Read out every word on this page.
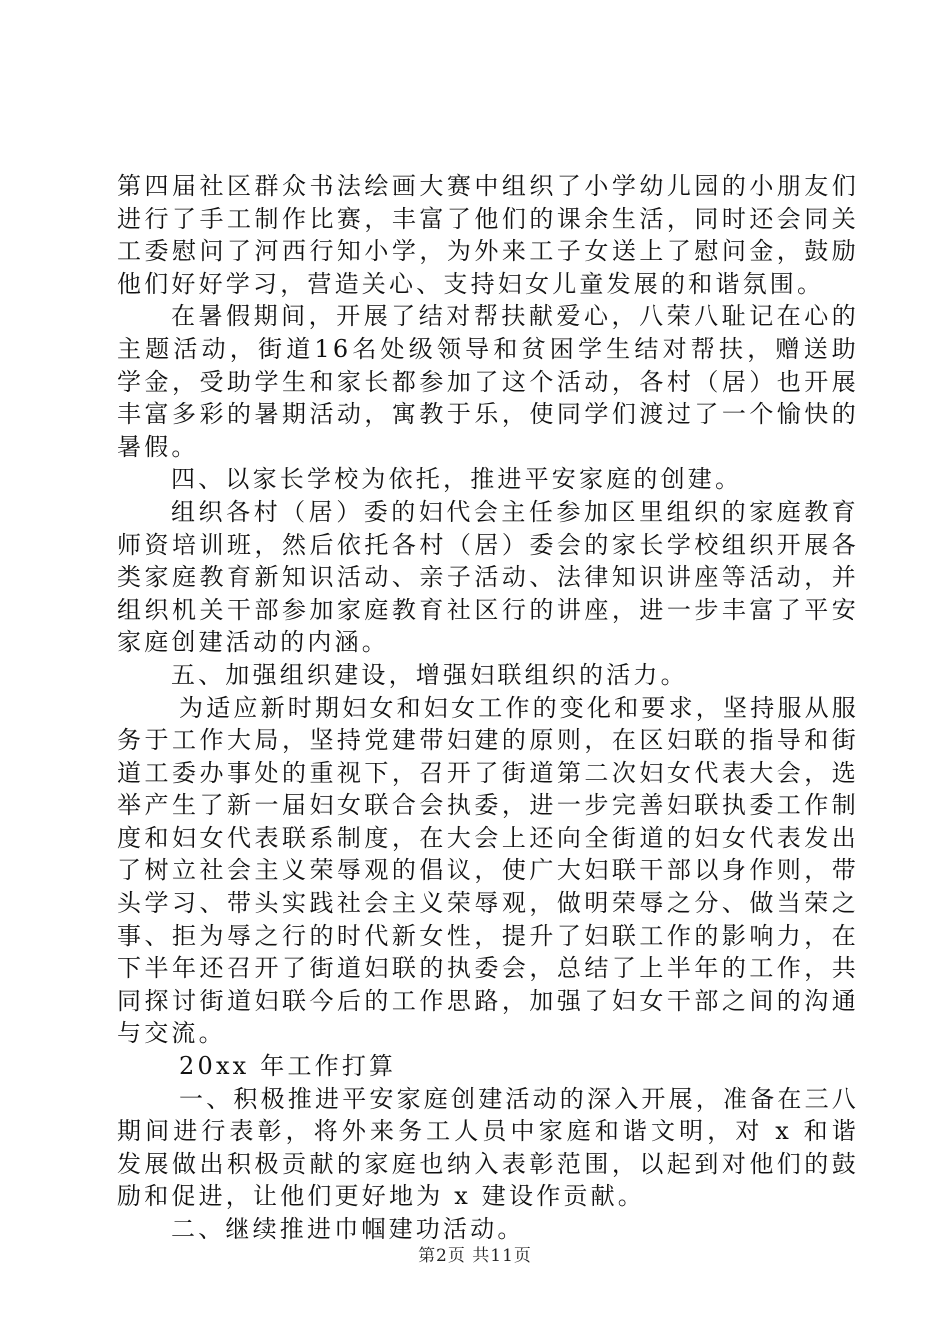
第四届社区群众书法绘画大赛中组织了小学幼儿园的小朋友们进行了手工制作比赛，丰富了他们的课余生活，同时还会同关工委慰问了河西行知小学，为外来工子女送上了慰问金，鼓励他们好好学习，营造关心、支持妇女儿童发展的和谐氛围。

在暑假期间，开展了结对帮扶献爱心，八荣八耻记在心的主题活动，街道16名处级领导和贫困学生结对帮扶，赠送助学金，受助学生和家长都参加了这个活动，各村（居）也开展丰富多彩的暑期活动，寓教于乐，使同学们渡过了一个愉快的暑假。

四、以家长学校为依托，推进平安家庭的创建。

组织各村（居）委的妇代会主任参加区里组织的家庭教育师资培训班，然后依托各村（居）委会的家长学校组织开展各类家庭教育新知识活动、亲子活动、法律知识讲座等活动，并组织机关干部参加家庭教育社区行的讲座，进一步丰富了平安家庭创建活动的内涵。

五、加强组织建设，增强妇联组织的活力。

为适应新时期妇女和妇女工作的变化和要求，坚持服从服务于工作大局，坚持党建带妇建的原则，在区妇联的指导和街道工委办事处的重视下，召开了街道第二次妇女代表大会，选举产生了新一届妇女联合会执委，进一步完善妇联执委工作制度和妇女代表联系制度，在大会上还向全街道的妇女代表发出了树立社会主义荣辱观的倡议，使广大妇联干部以身作则，带头学习、带头实践社会主义荣辱观，做明荣辱之分、做当荣之事、拒为辱之行的时代新女性，提升了妇联工作的影响力，在下半年还召开了街道妇联的执委会，总结了上半年的工作，共同探讨街道妇联今后的工作思路，加强了妇女干部之间的沟通与交流。

20xx 年工作打算

一、积极推进平安家庭创建活动的深入开展，准备在三八期间进行表彰，将外来务工人员中家庭和谐文明，对 x 和谐发展做出积极贡献的家庭也纳入表彰范围，以起到对他们的鼓励和促进，让他们更好地为 x 建设作贡献。

二、继续推进巾帼建功活动。

第2页 共11页
